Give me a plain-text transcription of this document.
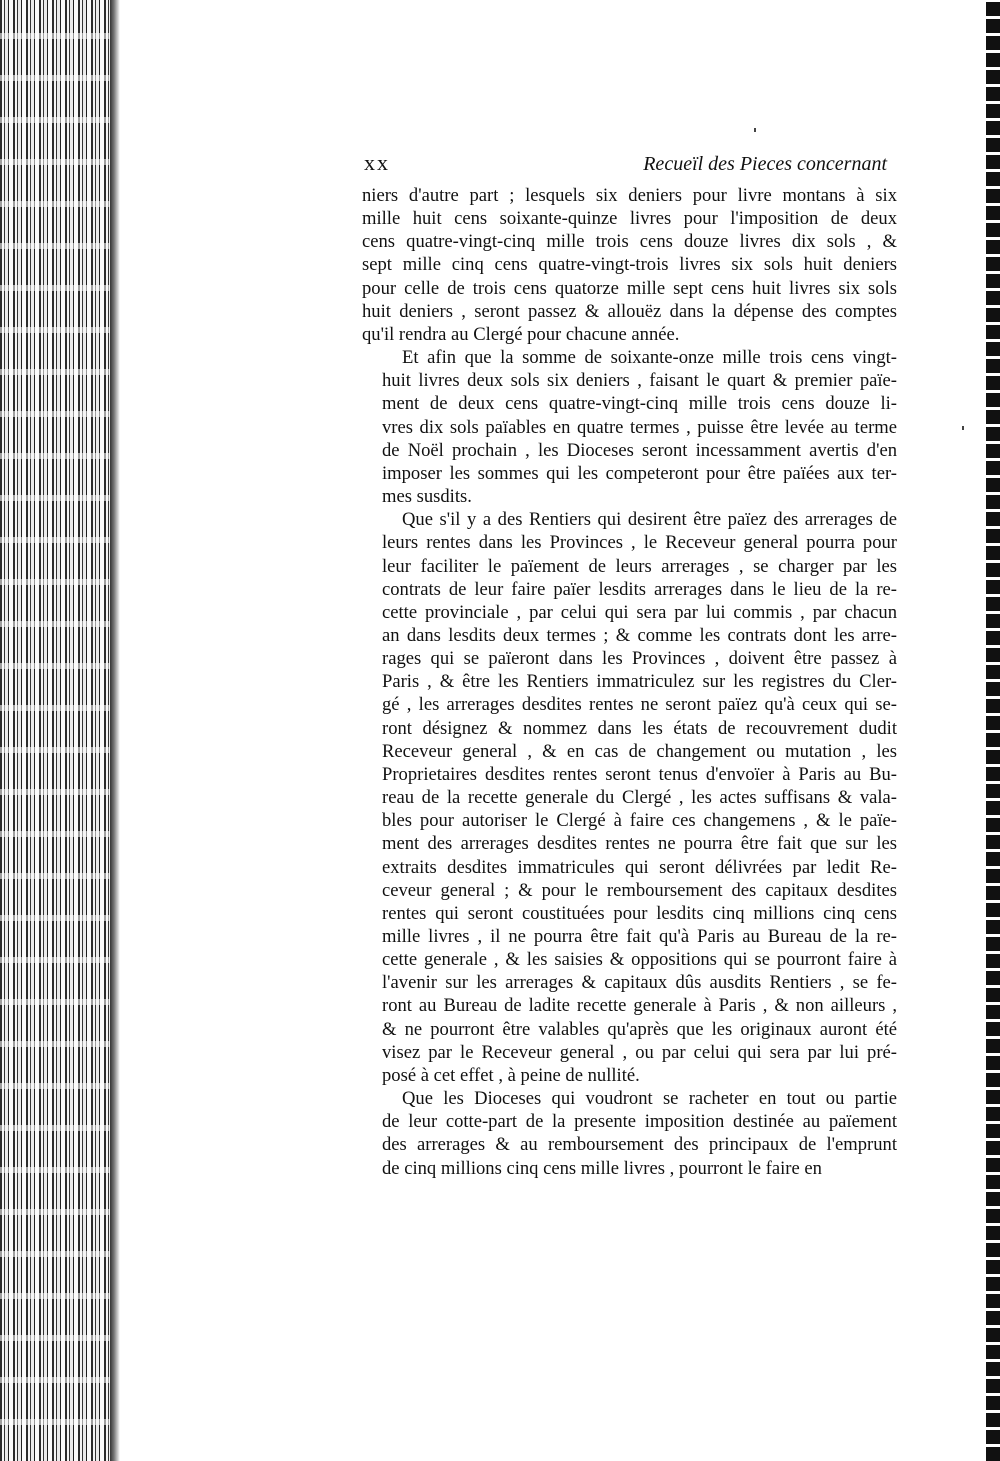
xx	Recueïl des Pieces concernant
niers d'autre part ; lesquels six deniers pour livre montans à six
mille huit cens soixante-quinze livres pour l'imposition de deux
cens quatre-vingt-cinq mille trois cens douze livres dix sols , &
sept mille cinq cens quatre-vingt-trois livres six sols huit deniers
pour celle de trois cens quatorze mille sept cens huit livres six sols
huit deniers , seront passez & allouëz dans la dépense des comptes
qu'il rendra au Clergé pour chacune année.
Et afin que la somme de soixante-onze mille trois cens vingt-
huit livres deux sols six deniers , faisant le quart & premier païe-
ment de deux cens quatre-vingt-cinq mille trois cens douze li-
vres dix sols païables en quatre termes , puisse être levée au terme
de Noël prochain , les Dioceses seront incessamment avertis d'en
imposer les sommes qui les competeront pour être païées aux ter-
mes susdits.
Que s'il y a des Rentiers qui desirent être païez des arrerages de
leurs rentes dans les Provinces , le Receveur general pourra pour
leur faciliter le païement de leurs arrerages , se charger par les
contrats de leur faire païer lesdits arrerages dans le lieu de la re-
cette provinciale , par celui qui sera par lui commis , par chacun
an dans lesdits deux termes ; & comme les contrats dont les arre-
rages qui se païeront dans les Provinces , doivent être passez à
Paris , & être les Rentiers immatriculez sur les registres du Cler-
gé , les arrerages desdites rentes ne seront païez qu'à ceux qui se-
ront désignez & nommez dans les états de recouvrement dudit
Receveur general , & en cas de changement ou mutation , les
Proprietaires desdites rentes seront tenus d'envoïer à Paris au Bu-
reau de la recette generale du Clergé , les actes suffisans & vala-
bles pour autoriser le Clergé à faire ces changemens , & le païe-
ment des arrerages desdites rentes ne pourra être fait que sur les
extraits desdites immatricules qui seront délivrées par ledit Re-
ceveur general ; & pour le remboursement des capitaux desdites
rentes qui seront coustituées pour lesdits cinq millions cinq cens
mille livres , il ne pourra être fait qu'à Paris au Bureau de la re-
cette generale , & les saisies & oppositions qui se pourront faire à
l'avenir sur les arrerages & capitaux dûs ausdits Rentiers , se fe-
ront au Bureau de ladite recette generale à Paris , & non ailleurs ,
& ne pourront être valables qu'après que les originaux auront été
visez par le Receveur general , ou par celui qui sera par lui pré-
posé à cet effet , à peine de nullité.
Que les Dioceses qui voudront se racheter en tout ou partie
de leur cotte-part de la presente imposition destinée au païement
des arrerages & au remboursement des principaux de l'emprunt
de cinq millions cinq cens mille livres , pourront le faire en
